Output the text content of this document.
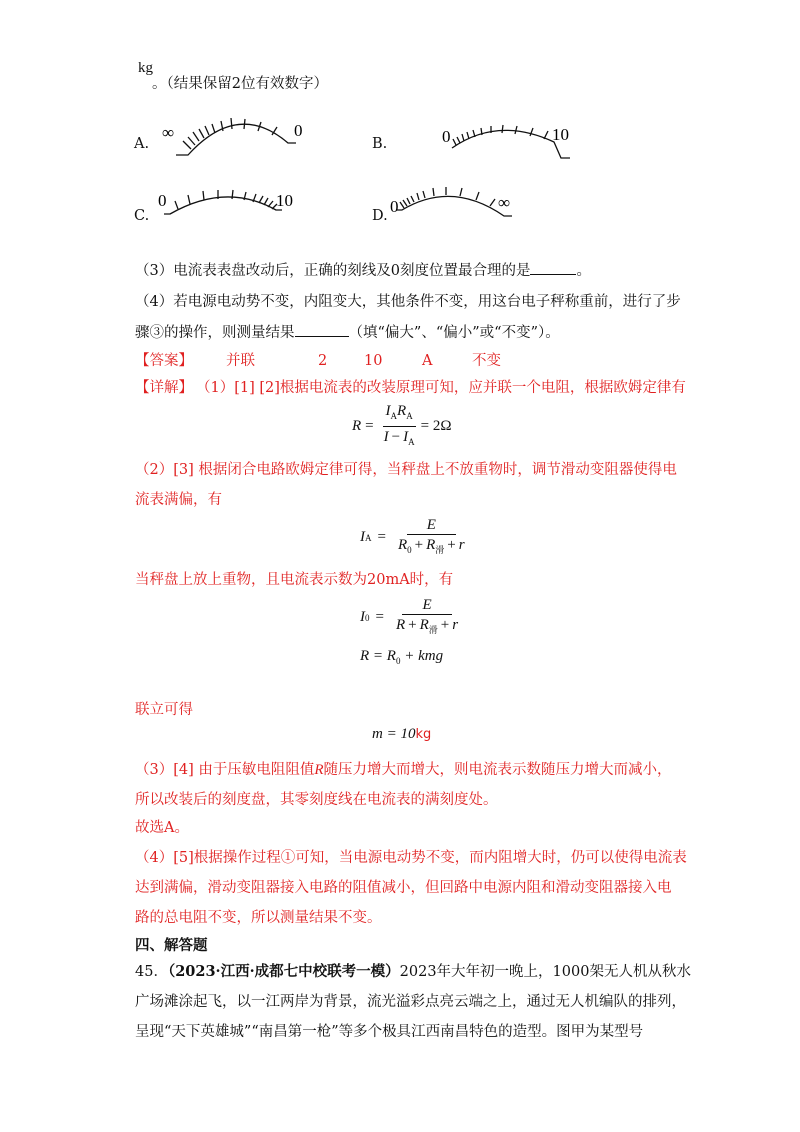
kg
。（结果保留2位有效数字）
A.
∞	0
B.	0	10
C.
0	10
D. 0	∞
（3）电流表表盘改动后，正确的刻线及0刻度位置最合理的是	。
（4）若电源电动势不变，内阻变大，其他条件不变，用这台电子秤称重前，进行了步
骤③的操作，则测量结果	（填“偏大”、“偏小”或“不变”）。
【答案】 并联	2	10	A	不变
【详解】 （1）[1] [2]根据电流表的改装原理可知，应并联一个电阻，根据欧姆定律有
$R = \frac{I_AR_A}{I - I_A} = 2\Omega$
（2）[3] 根据闭合电路欧姆定律可得，当秤盘上不放重物时，调节滑动变阻器使得电
流表满偏，有
I $A = \frac{E}{R_0 + R_滑 + r}$
当秤盘上放上重物，且电流表示数为20mA时，有
I $0 = \frac{E}{R + R_滑 + r}$
$R = R_0$ + kmg
联立可得
m = 10kg
（3）[4] 由于压敏电阻阻值R随压力增大而增大，则电流表示数随压力增大而减小，
所以改装后的刻度盘，其零刻度线在电流表的满刻度处。
故选A。
（4）[5]根据操作过程①可知，当电源电动势不变，而内阻增大时，仍可以使得电流表
达到满偏，滑动变阻器接入电路的阻值减小，但回路中电源内阻和滑动变阻器接入电
路的总电阻不变，所以测量结果不变。
四、解答题
45．（2023·江西·成都七中校联考一模）2023年大年初一晚上，1000架无人机从秋水
广场滩涂起飞，以一江两岸为背景，流光溢彩点亮云端之上，通过无人机编队的排列，
呈现“天下英雄城”“南昌第一枪”等多个极具江西南昌特色的造型。图甲为某型号
